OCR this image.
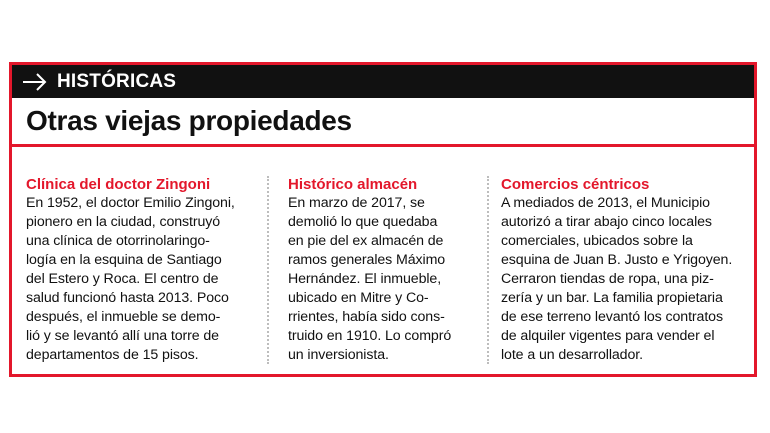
HISTÓRICAS
Otras viejas propiedades
Clínica del doctor Zingoni

En 1952, el doctor Emilio Zingoni,

pionero en la ciudad, construyó

una clínica de otorrinolaringo-

logía en la esquina de Santiago

del Estero y Roca. El centro de

salud funcionó hasta 2013. Poco

después, el inmueble se demo-

lió y se levantó allí una torre de

departamentos de 15 pisos.

Histórico almacén

En marzo de 2017, se

demolió lo que quedaba

en pie del ex almacén de

ramos generales Máximo

Hernández. El inmueble,

ubicado en Mitre y Co-

rrientes, había sido cons-

truido en 1910. Lo compró

un inversionista.

Comercios céntricos

A mediados de 2013, el Municipio

autorizó a tirar abajo cinco locales

comerciales, ubicados sobre la

esquina de Juan B. Justo e Yrigoyen.

Cerraron tiendas de ropa, una piz-

zería y un bar. La familia propietaria

de ese terreno levantó los contratos

de alquiler vigentes para vender el

lote a un desarrollador.
